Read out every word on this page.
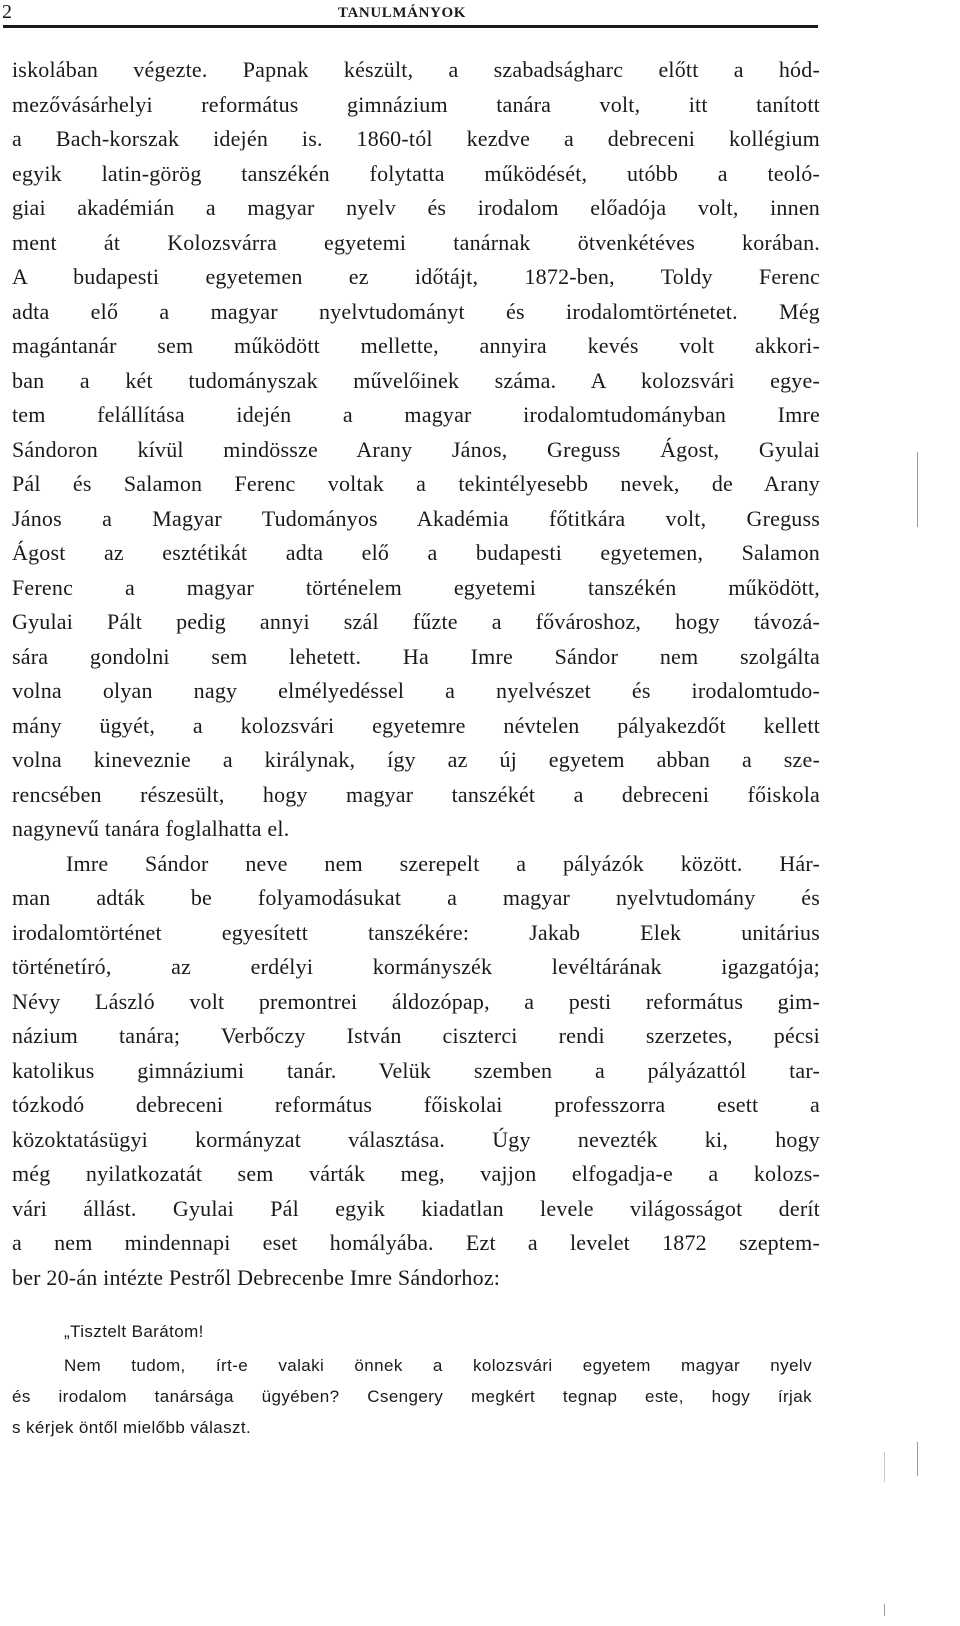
2	TANULMÁNYOK

iskolában végezte. Papnak készült, a szabadságharc előtt a hód-

mezővásárhelyi református gimnázium tanára volt, itt tanított

a Bach-korszak idején is. 1860-tól kezdve a debreceni kollégium

egyik latin-görög tanszékén folytatta működését, utóbb a teoló-

giai akadémián a magyar nyelv és irodalom előadója volt, innen

ment át Kolozsvárra egyetemi tanárnak ötvenkétéves korában.

A budapesti egyetemen ez időtájt, 1872-ben, Toldy Ferenc

adta elő a magyar nyelvtudományt és irodalomtörténetet. Még

magántanár sem működött mellette, annyira kevés volt akkori-

ban a két tudományszak művelőinek száma. A kolozsvári egye-

tem felállítása idején a magyar irodalomtudományban Imre

Sándoron kívül mindössze Arany János, Greguss Ágost, Gyulai

Pál és Salamon Ferenc voltak a tekintélyesebb nevek, de Arany

János a Magyar Tudományos Akadémia főtitkára volt, Greguss

Ágost az esztétikát adta elő a budapesti egyetemen, Salamon

Ferenc a magyar történelem egyetemi tanszékén működött,

Gyulai Pált pedig annyi szál fűzte a fővároshoz, hogy távozá-

sára gondolni sem lehetett. Ha Imre Sándor nem szolgálta

volna olyan nagy elmélyedéssel a nyelvészet és irodalomtudo-

mány ügyét, a kolozsvári egyetemre névtelen pályakezdőt kellett

volna kineveznie a királynak, így az új egyetem abban a sze-

rencsében részesült, hogy magyar tanszékét a debreceni főiskola

nagynevű tanára foglalhatta el.

Imre Sándor neve nem szerepelt a pályázók között. Hár-

man adták be folyamodásukat a magyar nyelvtudomány és

irodalomtörténet egyesített tanszékére: Jakab Elek unitárius

történetíró, az erdélyi kormányszék levéltárának igazgatója;

Névy László volt premontrei áldozópap, a pesti református gim-

názium tanára; Verbőczy István ciszterci rendi szerzetes, pécsi

katolikus gimnáziumi tanár. Velük szemben a pályázattól tar-

tózkodó debreceni református főiskolai professzorra esett a

közoktatásügyi kormányzat választása. Úgy nevezték ki, hogy

még nyilatkozatát sem várták meg, vajjon elfogadja-e a kolozs-

vári állást. Gyulai Pál egyik kiadatlan levele világosságot derít

a nem mindennapi eset homályába. Ezt a levelet 1872 szeptem-

ber 20-án intézte Pestről Debrecenbe Imre Sándorhoz:

„Tisztelt Barátom!

Nem tudom, írt-e valaki önnek a kolozsvári egyetem magyar nyelv

és irodalom tanársága ügyében? Csengery megkért tegnap este, hogy írjak

s kérjek öntől mielőbb választ.
